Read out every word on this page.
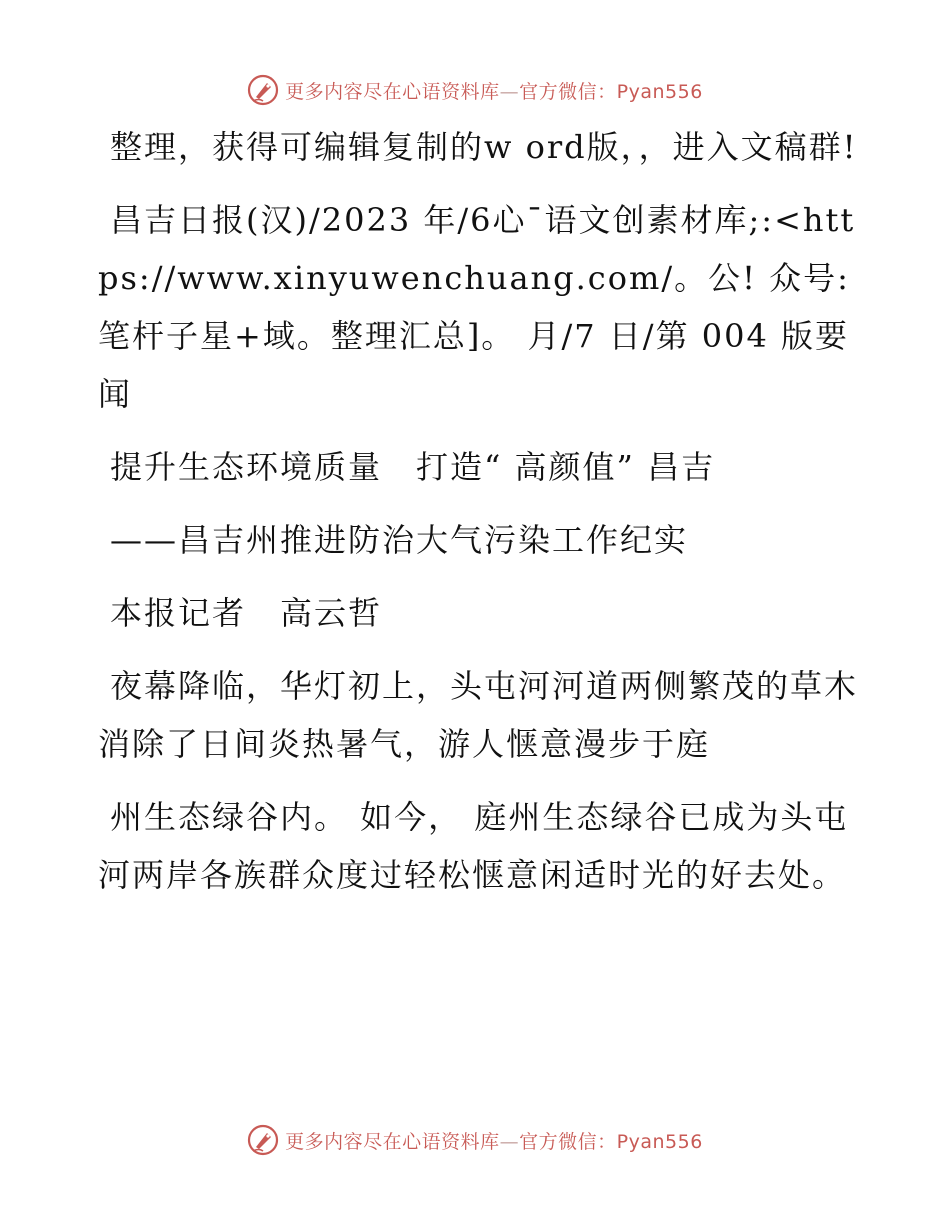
更多内容尽在心语资料库—官方微信：Pyan556

整理，获得可编辑复制的w ord版，，进入文稿群!

昌吉日报(汉)/2023 年/6心¯语文创素材库;:<https://www.xinyuwenchuang.com/。公! 众号: 笔杆子星+域。整理汇总]。 月/7 日/第 004 版要闻

提升生态环境质量　打造“ 高颜值” 昌吉

——昌吉州推进防治大气污染工作纪实

本报记者　高云哲

夜幕降临，华灯初上，头屯河河道两侧繁茂的草木消除了日间炎热暑气，游人惬意漫步于庭

州生态绿谷内。 如今， 庭州生态绿谷已成为头屯河两岸各族群众度过轻松惬意闲适时光的好去处。

更多内容尽在心语资料库—官方微信：Pyan556
